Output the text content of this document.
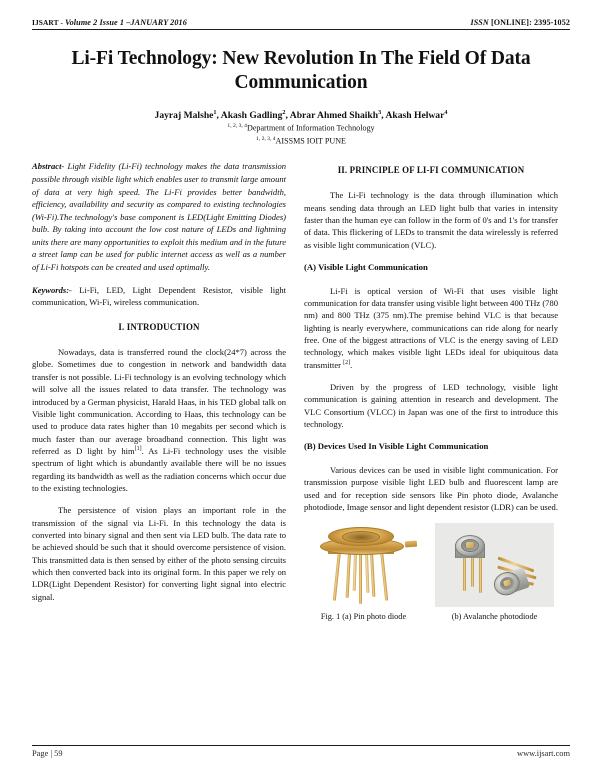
IJSART - Volume 2 Issue 1 –JANUARY 2016	ISSN [ONLINE]: 2395-1052
Li-Fi Technology: New Revolution In The Field Of Data Communication
Jayraj Malshe$^1$, Akash Gadling$^2$, Abrar Ahmed Shaikh$^3$, Akash Helwar$^4$
$^{1, 2, 3, 4}$Department of Information Technology
$^{1, 2, 3, 4}$AISSMS IOIT PUNE

Abstract- Light Fidelity (Li-Fi) technology makes the data transmission possible through visible light which enables user to transmit large amount of data at very high speed. The Li-Fi provides better bandwidth, efficiency, availability and security as compared to existing technologies (Wi-Fi).The technology's base component is LED(Light Emitting Diodes) bulb. By taking into account the low cost nature of LEDs and lightning units there are many opportunities to exploit this medium and in the future a street lamp can be used for public internet access as well as a number of Li-Fi hotspots can be created and used optimally.

Keywords:- Li-Fi, LED, Light Dependent Resistor, visible light communication, Wi-Fi, wireless communication.

I. INTRODUCTION

Nowadays, data is transferred round the clock(24*7) across the globe. Sometimes due to congestion in network and bandwidth data transfer is not possible. Li-Fi technology is an evolving technology which will solve all the issues related to data transfer. The technology was introduced by a German physicist, Harald Haas, in his TED global talk on Visible light communication. According to Haas, this technology can be used to produce data rates higher than 10 megabits per second which is much faster than our average broadband connection. This light was referred as D light by him[1]. As Li-Fi technology uses the visible spectrum of light which is abundantly available there will be no issues regarding its bandwidth as well as the radiation concerns which occur due to the existing technologies.

The persistence of vision plays an important role in the transmission of the signal via Li-Fi. In this technology the data is converted into binary signal and then sent via LED bulb. The data rate to be achieved should be such that it should overcome persistence of vision. This transmitted data is then sensed by either of the photo sensing circuits which then converted back into its original form. In this paper we rely on LDR(Light Dependent Resistor) for converting light signal into electric signal.

II. PRINCIPLE OF LI-FI COMMUNICATION

The Li-Fi technology is the data through illumination which means sending data through an LED light bulb that varies in intensity faster than the human eye can follow in the form of 0's and 1's for transfer of data. This flickering of LEDs to transmit the data wirelessly is referred as visible light communication (VLC).

(A) Visible Light Communication

Li-Fi is optical version of Wi-Fi that uses visible light communication for data transfer using visible light between 400 THz (780 nm) and 800 THz (375 nm).The premise behind VLC is that because lighting is nearly everywhere, communications can ride along for nearly free. One of the biggest attractions of VLC is the energy saving of LED technology, which makes visible light LEDs ideal for ubiquitous data transmitter [2].

Driven by the progress of LED technology, visible light communication is gaining attention in research and development. The VLC Consortium (VLCC) in Japan was one of the first to introduce this technology.

(B) Devices Used In Visible Light Communication

Various devices can be used in visible light communication. For transmission purpose visible light LED bulb and fluorescent lamp are used and for reception side sensors like Pin photo diode, Avalanche photodiode, Image sensor and light dependent resistor (LDR) can be used.

Fig. 1 (a) Pin photo diode	(b) Avalanche photodiode
Page | 59	www.ijsart.com
